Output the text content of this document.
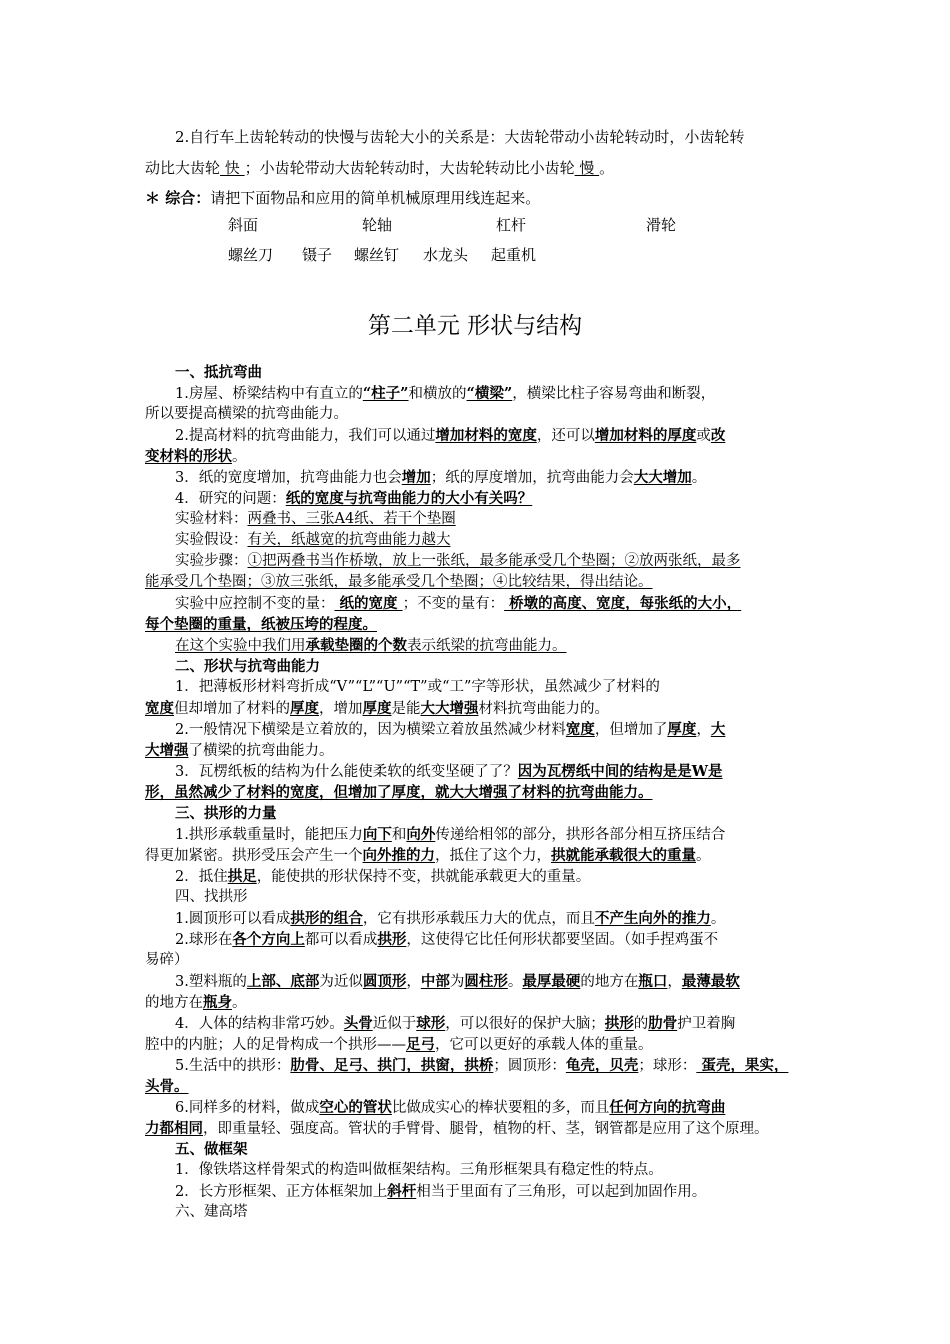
2.自行车上齿轮转动的快慢与齿轮大小的关系是：大齿轮带动小齿轮转动时，小齿轮转
动比大齿轮 快 ；小齿轮带动大齿轮转动时，大齿轮转动比小齿轮 慢 。
＊ 综合：请把下面物品和应用的简单机械原理用线连起来。
斜面	轮轴	杠杆	滑轮
螺丝刀 镊子 螺丝钉 水龙头 起重机
第二单元 形状与结构
一、抵抗弯曲
1.房屋、桥梁结构中有直立的“柱子”和横放的“横梁”，横梁比柱子容易弯曲和断裂，
所以要提高横梁的抗弯曲能力。
2.提高材料的抗弯曲能力，我们可以通过增加材料的宽度，还可以增加材料的厚度或改
变材料的形状。
3．纸的宽度增加，抗弯曲能力也会增加；纸的厚度增加，抗弯曲能力会大大增加。
4．研究的问题：纸的宽度与抗弯曲能力的大小有关吗？
实验材料：两叠书、三张A4纸、若干个垫圈
实验假设：有关，纸越宽的抗弯曲能力越大
实验步骤：①把两叠书当作桥墩，放上一张纸，最多能承受几个垫圈；②放两张纸，最多
能承受几个垫圈；③放三张纸，最多能承受几个垫圈；④比较结果，得出结论。
实验中应控制不变的量： 纸的宽度 ；不变的量有： 桥墩的高度、宽度，每张纸的大小，
每个垫圈的重量，纸被压垮的程度。
在这个实验中我们用承载垫圈的个数表示纸梁的抗弯曲能力。
二、形状与抗弯曲能力
1．把薄板形材料弯折成“V”“L”“U”“T”或“工”字等形状，虽然减少了材料的
宽度但却增加了材料的厚度，增加厚度是能大大增强材料抗弯曲能力的。
2.一般情况下横梁是立着放的，因为横梁立着放虽然减少材料宽度，但增加了厚度，大
大增强了横梁的抗弯曲能力。
3．瓦楞纸板的结构为什么能使柔软的纸变坚硬了了？因为瓦楞纸中间的结构是是W是
形，虽然减少了材料的宽度，但增加了厚度，就大大增强了材料的抗弯曲能力。
三、拱形的力量
1.拱形承载重量时，能把压力向下和向外传递给相邻的部分，拱形各部分相互挤压结合
得更加紧密。拱形受压会产生一个向外推的力，抵住了这个力，拱就能承载很大的重量。
2．抵住拱足，能使拱的形状保持不变，拱就能承载更大的重量。
四、找拱形
1.圆顶形可以看成拱形的组合，它有拱形承载压力大的优点，而且不产生向外的推力。
2.球形在各个方向上都可以看成拱形，这使得它比任何形状都要坚固。（如手捏鸡蛋不
易碎）
3.塑料瓶的上部、底部为近似圆顶形，中部为圆柱形。最厚最硬的地方在瓶口，最薄最软
的地方在瓶身。
4．人体的结构非常巧妙。头骨近似于球形，可以很好的保护大脑；拱形的肋骨护卫着胸
腔中的内脏；人的足骨构成一个拱形——足弓，它可以更好的承载人体的重量。
5.生活中的拱形：肋骨、足弓、拱门，拱窗，拱桥；圆顶形：龟壳，贝壳；球形： 蛋壳，果实，
头骨。
6.同样多的材料，做成空心的管状比做成实心的棒状要粗的多，而且任何方向的抗弯曲
力都相同，即重量轻、强度高。管状的手臂骨、腿骨，植物的杆、茎，钢管都是应用了这个原理。
五、做框架
1．像铁塔这样骨架式的构造叫做框架结构。三角形框架具有稳定性的特点。
2．长方形框架、正方体框架加上斜杆相当于里面有了三角形，可以起到加固作用。
六、建高塔
